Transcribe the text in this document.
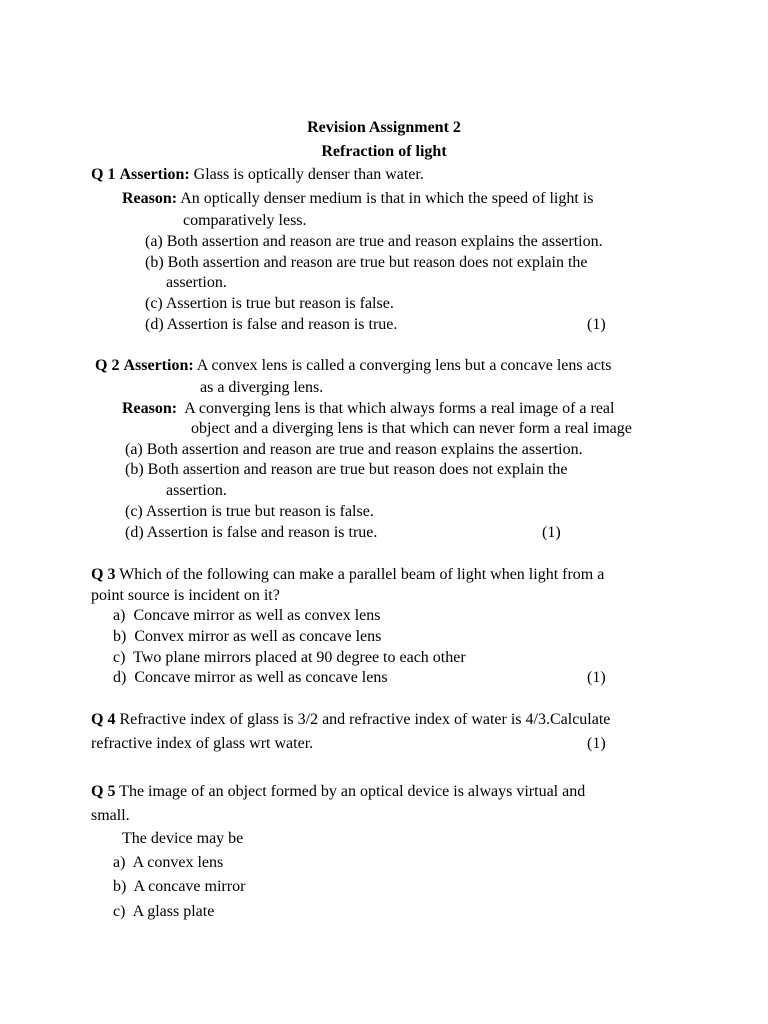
Revision Assignment 2
Refraction of light
Q 1 Assertion: Glass is optically denser than water.
Reason: An optically denser medium is that in which the speed of light is
comparatively less.
(a) Both assertion and reason are true and reason explains the assertion.
(b) Both assertion and reason are true but reason does not explain the
assertion.
(c) Assertion is true but reason is false.
(d) Assertion is false and reason is true.	(1)
Q 2 Assertion: A convex lens is called a converging lens but a concave lens acts
as a diverging lens.
Reason: A converging lens is that which always forms a real image of a real
object and a diverging lens is that which can never form a real image
(a) Both assertion and reason are true and reason explains the assertion.
(b) Both assertion and reason are true but reason does not explain the
assertion.
(c) Assertion is true but reason is false.
(d) Assertion is false and reason is true.	(1)
Q 3 Which of the following can make a parallel beam of light when light from a
point source is incident on it?
a) Concave mirror as well as convex lens
b) Convex mirror as well as concave lens
c) Two plane mirrors placed at 90 degree to each other
d) Concave mirror as well as concave lens	(1)
Q 4 Refractive index of glass is 3/2 and refractive index of water is 4/3.Calculate
refractive index of glass wrt water.	(1)
Q 5 The image of an object formed by an optical device is always virtual and
small.
The device may be
a) A convex lens
b) A concave mirror
c) A glass plate
